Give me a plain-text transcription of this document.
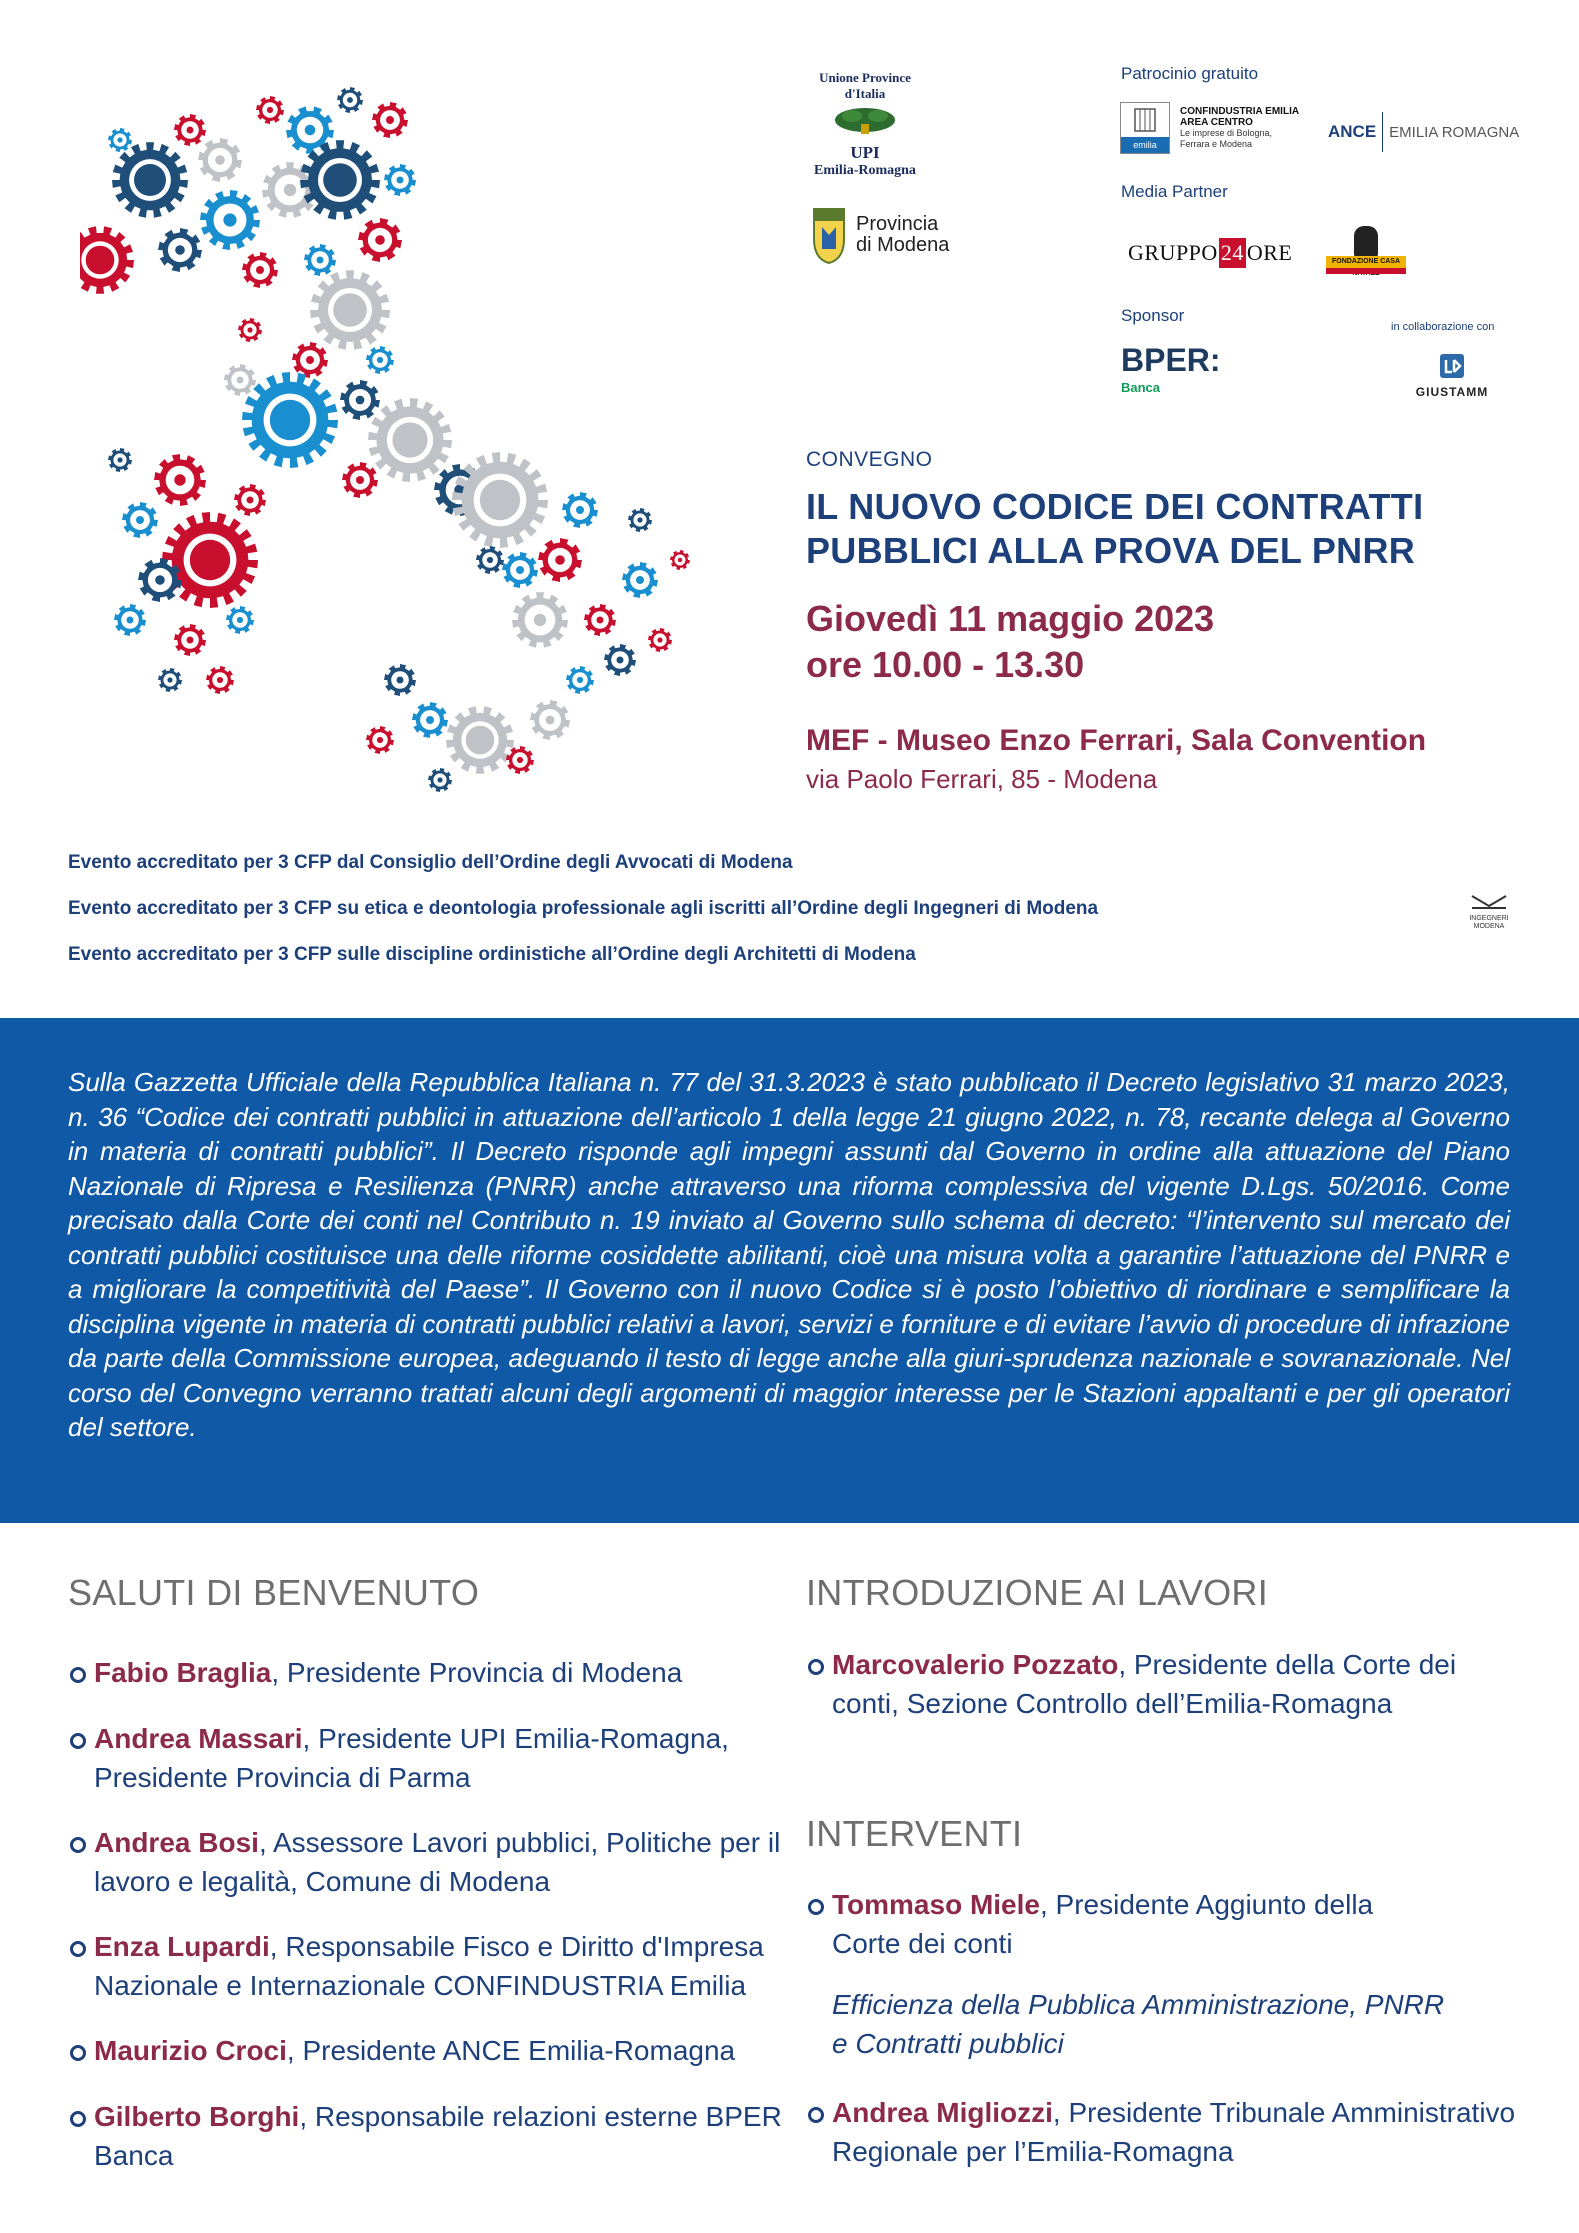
Unione Province d'Italia
UPI
Emilia-Romagna
Provincia
di Modena
Patrocinio gratuito
emilia
CONFINDUSTRIA EMILIA
AREA CENTRO
Le imprese di Bologna,
Ferrara e Modena
ANCE EMILIA ROMAGNA
Media Partner
GRUPPO 24 ORE	FONDAZIONE CASA
Sponsor
BPER:
Banca
in collaborazione con
GIUSTAMM
CONVEGNO
IL NUOVO CODICE DEI CONTRATTI
PUBBLICI ALLA PROVA DEL PNRR
Giovedì 11 maggio 2023
ore 10.00 - 13.30
MEF - Museo Enzo Ferrari, Sala Convention
via Paolo Ferrari, 85 - Modena
Evento accreditato per 3 CFP dal Consiglio dell’Ordine degli Avvocati di Modena
Evento accreditato per 3 CFP su etica e deontologia professionale agli iscritti all’Ordine degli Ingegneri di Modena
Evento accreditato per 3 CFP sulle discipline ordinistiche all’Ordine degli Architetti di Modena
INGEGNERI
MODENA

Sulla Gazzetta Ufficiale della Repubblica Italiana n. 77 del 31.3.2023 è stato pubblicato il Decreto legislativo 31 marzo 2023, n. 36 “Codice dei contratti pubblici in attuazione dell’articolo 1 della legge 21 giugno 2022, n. 78, recante delega al Governo in materia di contratti pubblici”. Il Decreto risponde agli impegni assunti dal Governo in ordine alla attuazione del Piano Nazionale di Ripresa e Resilienza (PNRR) anche attraverso una riforma complessiva del vigente D.Lgs. 50/2016. Come precisato dalla Corte dei conti nel Contributo n. 19 inviato al Governo sullo schema di decreto: “l’intervento sul mercato dei contratti pubblici costituisce una delle riforme cosiddette abilitanti, cioè una misura volta a garantire l’attuazione del PNRR e a migliorare la competitività del Paese”. Il Governo con il nuovo Codice si è posto l’obiettivo di riordinare e semplificare la disciplina vigente in materia di contratti pubblici relativi a lavori, servizi e forniture e di evitare l’avvio di procedure di infrazione da parte della Commissione europea, adeguando il testo di legge anche alla giuri-sprudenza nazionale e sovranazionale. Nel corso del Convegno verranno trattati alcuni degli argomenti di maggior interesse per le Stazioni appaltanti e per gli operatori del settore.

SALUTI DI BENVENUTO
Fabio Braglia, Presidente Provincia di Modena
Andrea Massari, Presidente UPI Emilia-Romagna, Presidente Provincia di Parma
Andrea Bosi, Assessore Lavori pubblici, Politiche per il lavoro e legalità, Comune di Modena
Enza Lupardi, Responsabile Fisco e Diritto d'Impresa Nazionale e Internazionale CONFINDUSTRIA Emilia
Maurizio Croci, Presidente ANCE Emilia-Romagna
Gilberto Borghi, Responsabile relazioni esterne BPER Banca
INTRODUZIONE AI LAVORI
Marcovalerio Pozzato, Presidente della Corte dei conti, Sezione Controllo dell’Emilia-Romagna
INTERVENTI
Tommaso Miele, Presidente Aggiunto della Corte dei conti
Efficienza della Pubblica Amministrazione, PNRR e Contratti pubblici
Andrea Migliozzi, Presidente Tribunale Amministrativo Regionale per l’Emilia-Romagna
